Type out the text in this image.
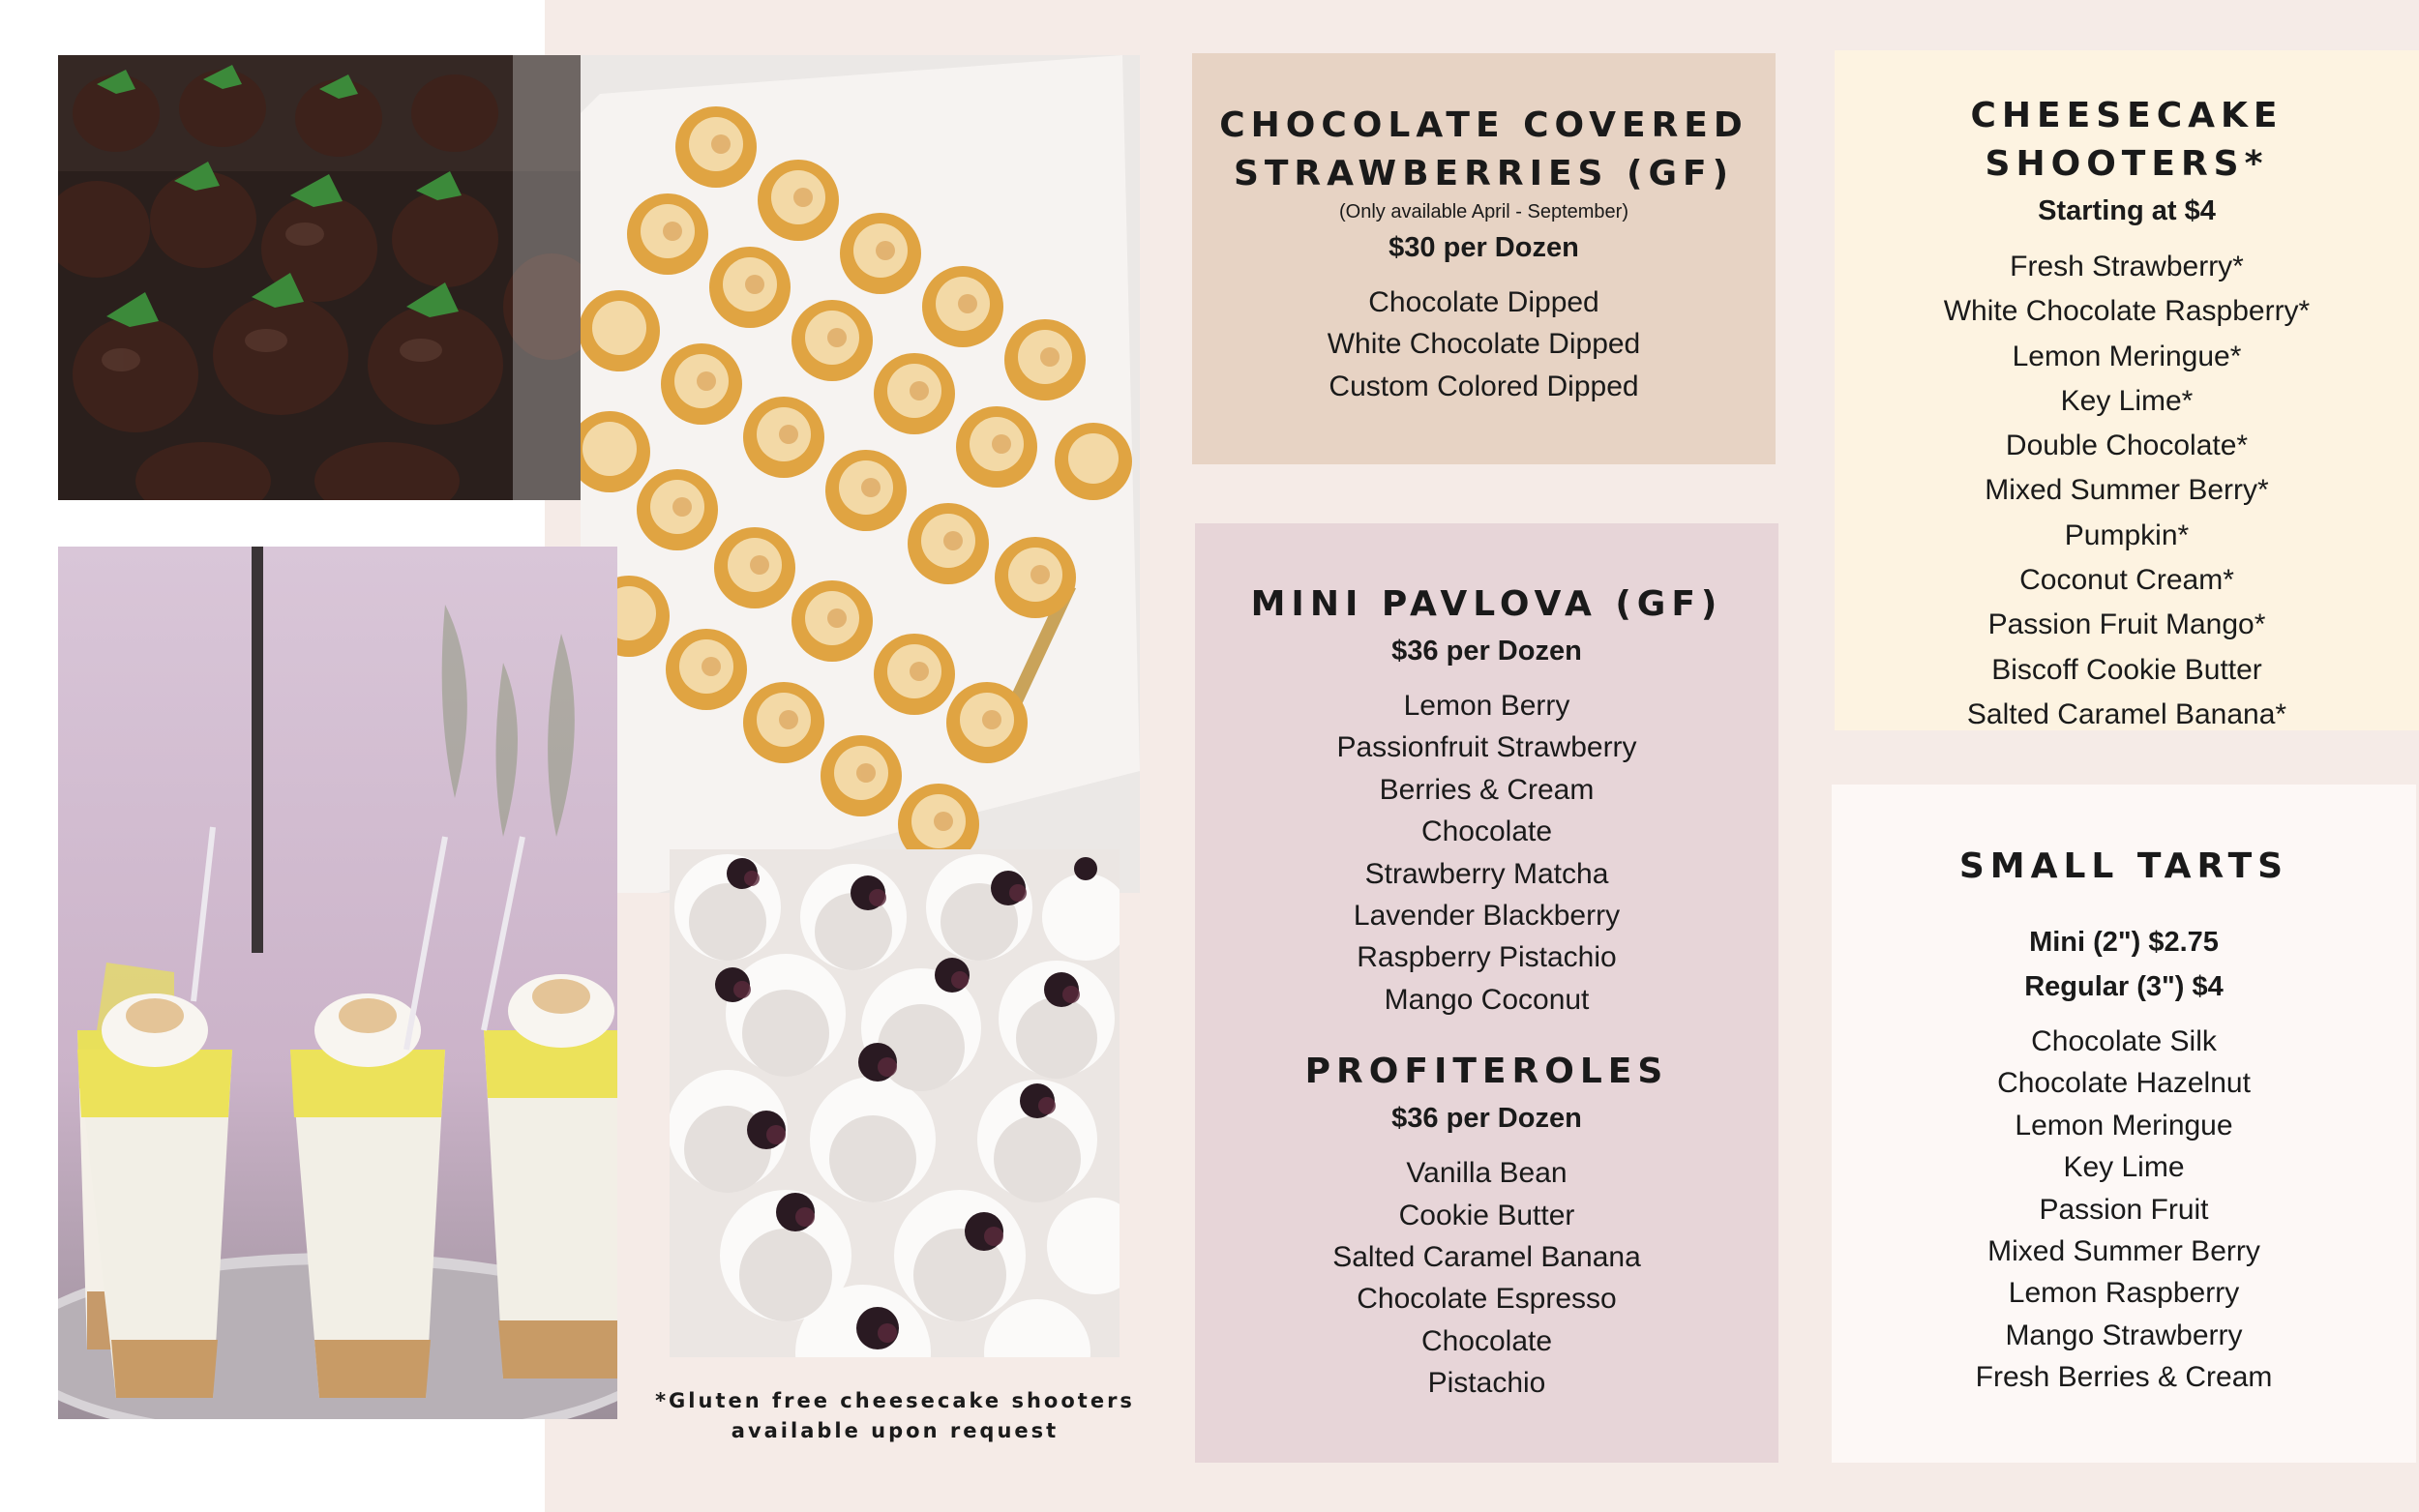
*Gluten free cheesecake shooters
available upon request
CHOCOLATE COVERED
STRAWBERRIES (GF)

(Only available April - September)

$30 per Dozen

Chocolate Dipped
White Chocolate Dipped
Custom Colored Dipped
MINI PAVLOVA (GF)

$36 per Dozen

Lemon Berry
Passionfruit Strawberry
Berries & Cream
Chocolate
Strawberry Matcha
Lavender Blackberry
Raspberry Pistachio
Mango Coconut
PROFITEROLES

$36 per Dozen

Vanilla Bean
Cookie Butter
Salted Caramel Banana
Chocolate Espresso
Chocolate
Pistachio
CHEESECAKE SHOOTERS*

Starting at $4

Fresh Strawberry*
White Chocolate Raspberry*
Lemon Meringue*
Key Lime*
Double Chocolate*
Mixed Summer Berry*
Pumpkin*
Coconut Cream*
Passion Fruit Mango*
Biscoff Cookie Butter
Salted Caramel Banana*
SMALL TARTS

Mini (2") $2.75

Regular (3") $4

Chocolate Silk
Chocolate Hazelnut
Lemon Meringue
Key Lime
Passion Fruit
Mixed Summer Berry
Lemon Raspberry
Mango Strawberry
Fresh Berries & Cream
